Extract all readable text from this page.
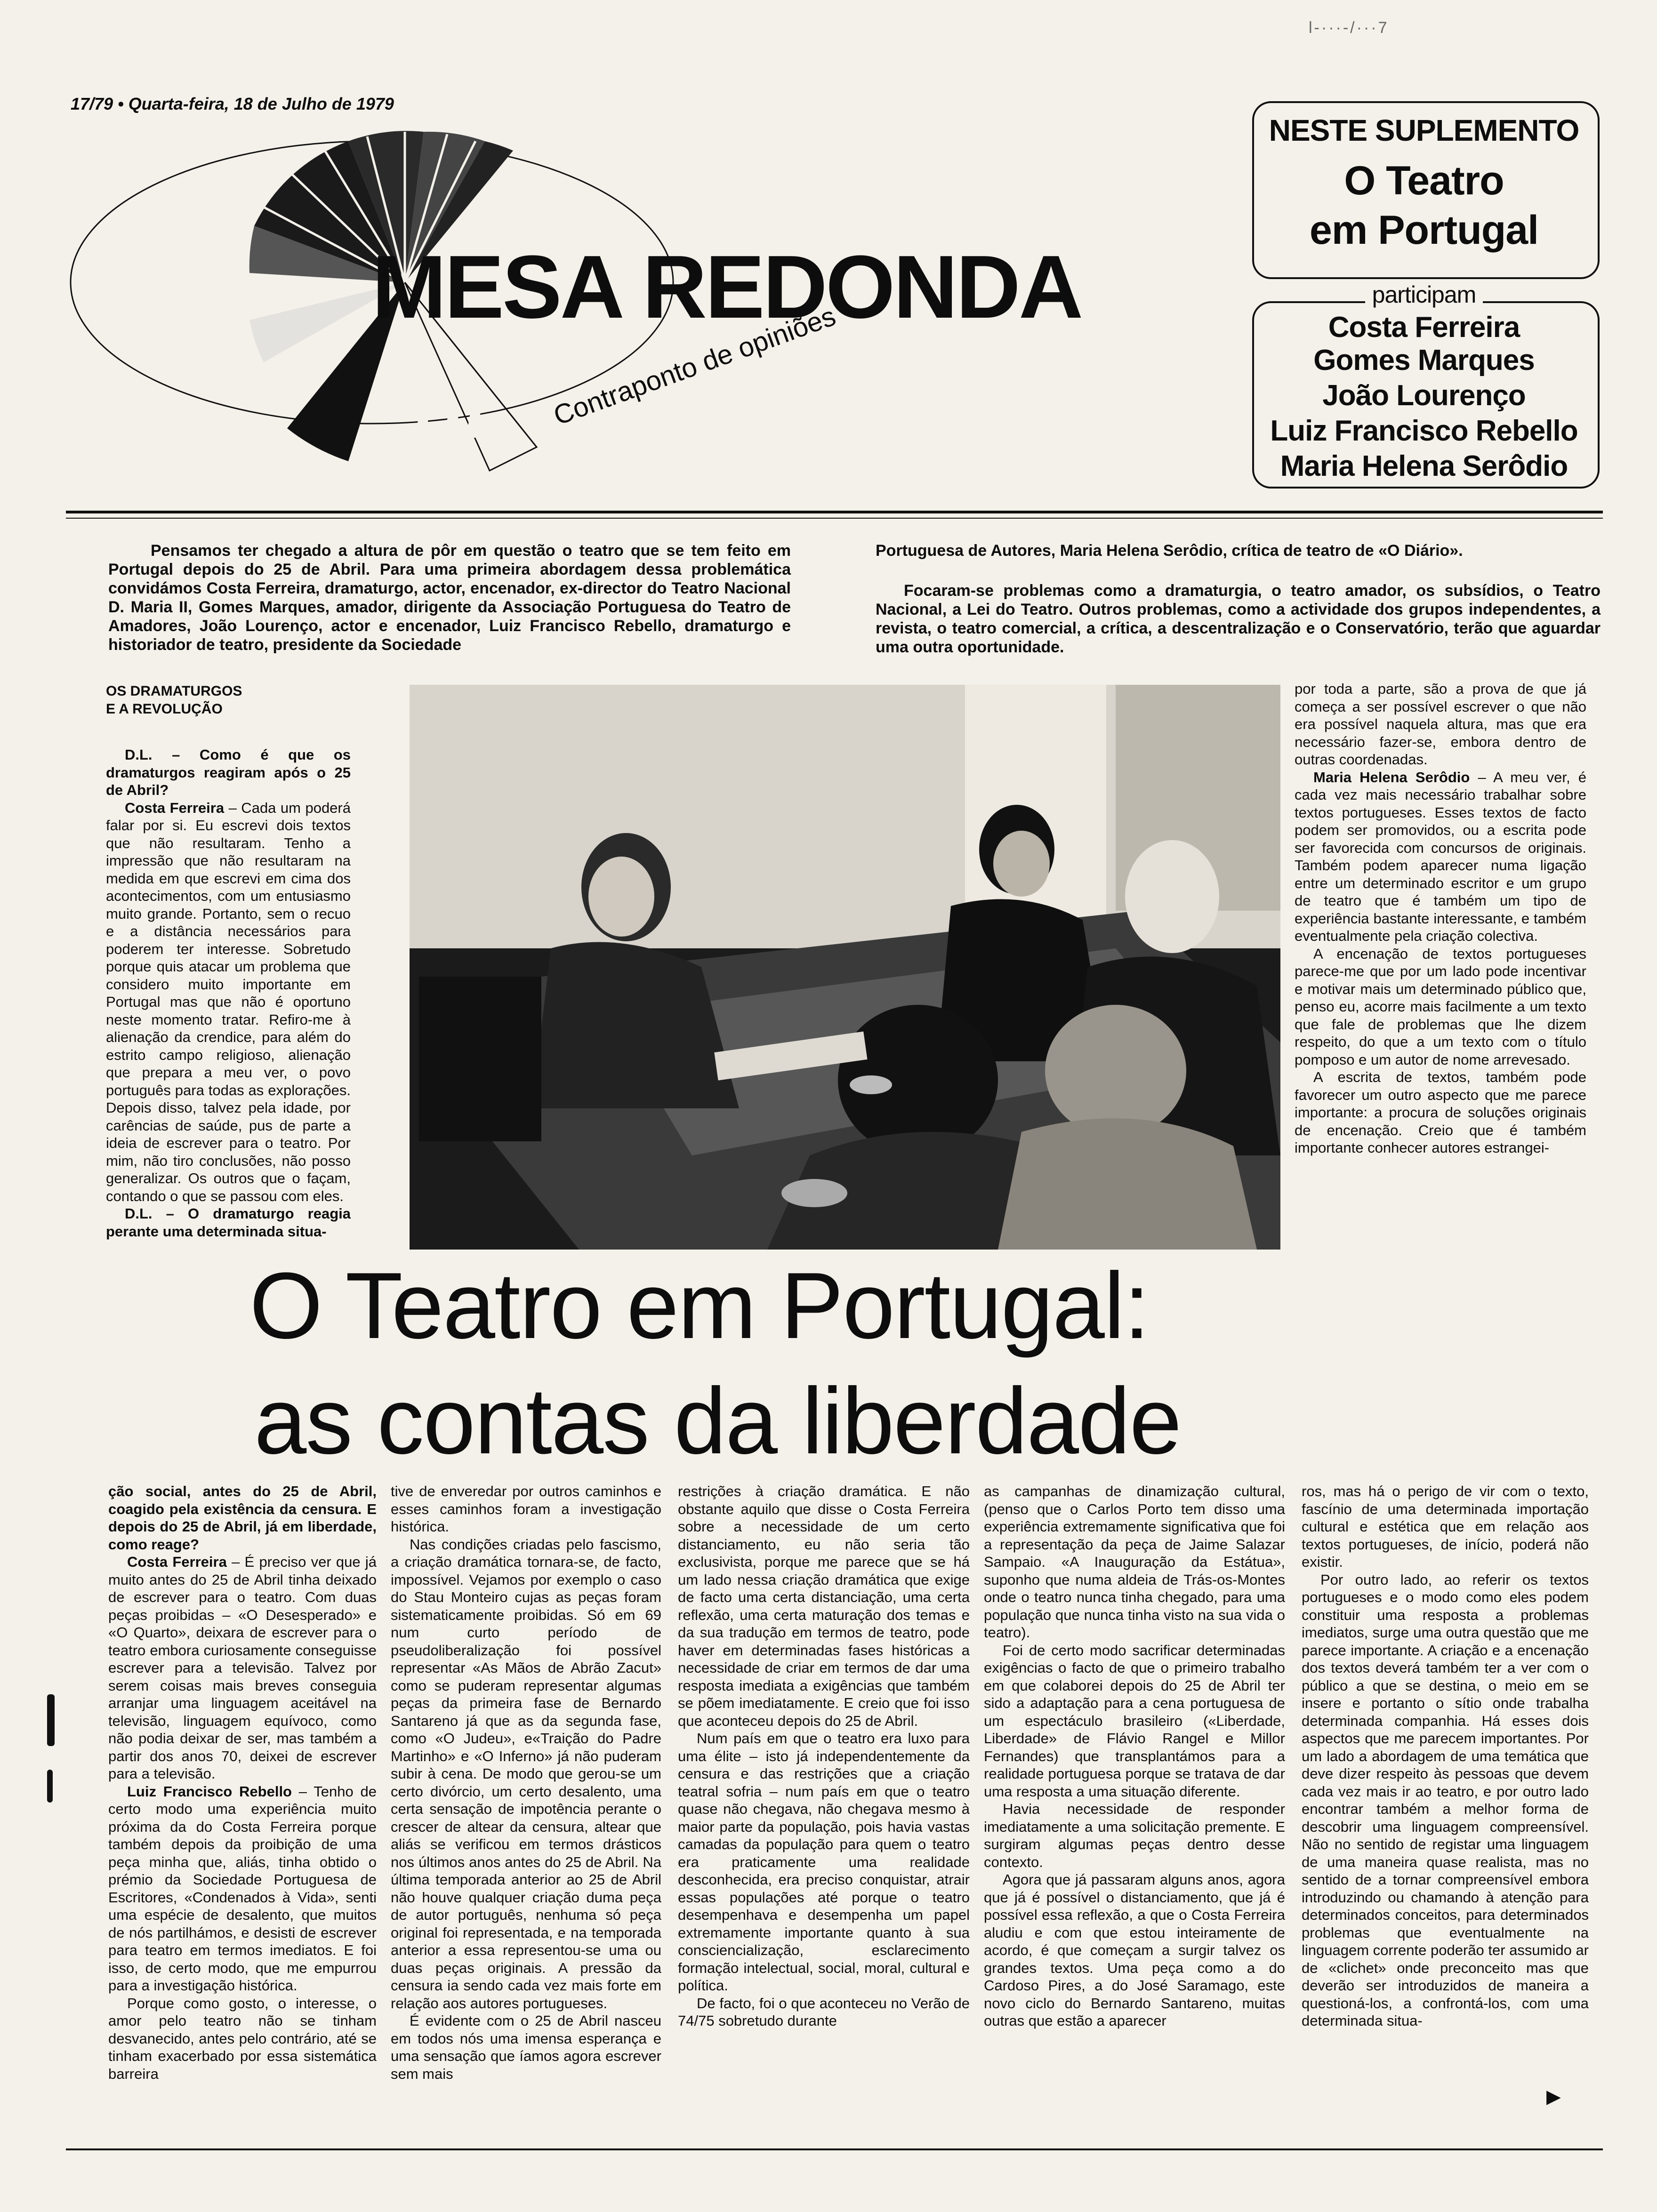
17/79 • Quarta-feira, 18 de Julho de 1979
l-···-/···7
MESA REDONDA
DL Contraponto de opiniões
NESTE SUPLEMENTO
O Teatro
em Portugal
participam
Costa Ferreira
Gomes Marques
João Lourenço
Luiz Francisco Rebello
Maria Helena Serôdio
Pensamos ter chegado a altura de pôr em questão o teatro que se tem feito em Portugal depois do 25 de Abril. Para uma primeira abordagem dessa problemática convidámos Costa Ferreira, dramaturgo, actor, encenador, ex-director do Teatro Nacional D. Maria II, Gomes Marques, amador, dirigente da Associação Portuguesa do Teatro de Amadores, João Lourenço, actor e encenador, Luiz Francisco Rebello, dramaturgo e historiador de teatro, presidente da Sociedade
Portuguesa de Autores, Maria Helena Serôdio, crítica de teatro de «O Diário».
Focaram-se problemas como a dramaturgia, o teatro amador, os subsídios, o Teatro Nacional, a Lei do Teatro. Outros problemas, como a actividade dos grupos independentes, a revista, o teatro comercial, a crítica, a descentralização e o Conservatório, terão que aguardar uma outra oportunidade.
OS DRAMATURGOS
E A REVOLUÇÃO

D.L. – Como é que os dramaturgos reagiram após o 25 de Abril?

Costa Ferreira – Cada um poderá falar por si. Eu escrevi dois textos que não resultaram. Tenho a impressão que não resultaram na medida em que escrevi em cima dos acontecimentos, com um entusiasmo muito grande. Portanto, sem o recuo e a distância necessários para poderem ter interesse. Sobretudo porque quis atacar um problema que considero muito importante em Portugal mas que não é oportuno neste momento tratar. Refiro-me à alienação da crendice, para além do estrito campo religioso, alienação que prepara a meu ver, o povo português para todas as explorações. Depois disso, talvez pela idade, por carências de saúde, pus de parte a ideia de escrever para o teatro. Por mim, não tiro conclusões, não posso generalizar. Os outros que o façam, contando o que se passou com eles.

D.L. – O dramaturgo reagia perante uma determinada situa-

por toda a parte, são a prova de que já começa a ser possível escrever o que não era possível naquela altura, mas que era necessário fazer-se, embora dentro de outras coordenadas.

Maria Helena Serôdio – A meu ver, é cada vez mais necessário trabalhar sobre textos portugueses. Esses textos de facto podem ser promovidos, ou a escrita pode ser favorecida com concursos de originais. Também podem aparecer numa ligação entre um determinado escritor e um grupo de teatro que é também um tipo de experiência bastante interessante, e também eventualmente pela criação colectiva.

A encenação de textos portugueses parece-me que por um lado pode incentivar e motivar mais um determinado público que, penso eu, acorre mais facilmente a um texto que fale de problemas que lhe dizem respeito, do que a um texto com o título pomposo e um autor de nome arrevesado.

A escrita de textos, também pode favorecer um outro aspecto que me parece importante: a procura de soluções originais de encenação. Creio que é também importante conhecer autores estrangei-

O Teatro em Portugal:
as contas da liberdade

ção social, antes do 25 de Abril, coagido pela existência da censura. E depois do 25 de Abril, já em liberdade, como reage?

Costa Ferreira – É preciso ver que já muito antes do 25 de Abril tinha deixado de escrever para o teatro. Com duas peças proibidas – «O Desesperado» e «O Quarto», deixara de escrever para o teatro embora curiosamente conseguisse escrever para a televisão. Talvez por serem coisas mais breves conseguia arranjar uma linguagem aceitável na televisão, linguagem equívoco, como não podia deixar de ser, mas também a partir dos anos 70, deixei de escrever para a televisão.

Luiz Francisco Rebello – Tenho de certo modo uma experiência muito próxima da do Costa Ferreira porque também depois da proibição de uma peça minha que, aliás, tinha obtido o prémio da Sociedade Portuguesa de Escritores, «Condenados à Vida», senti uma espécie de desalento, que muitos de nós partilhámos, e desisti de escrever para teatro em termos imediatos. E foi isso, de certo modo, que me empurrou para a investigação histórica.

Porque como gosto, o interesse, o amor pelo teatro não se tinham desvanecido, antes pelo contrário, até se tinham exacerbado por essa sistemática barreira

tive de enveredar por outros caminhos e esses caminhos foram a investigação histórica.

Nas condições criadas pelo fascismo, a criação dramática tornara-se, de facto, impossível. Vejamos por exemplo o caso do Stau Monteiro cujas as peças foram sistematicamente proibidas. Só em 69 num curto período de pseudoliberalização foi possível representar «As Mãos de Abrão Zacut» como se puderam representar algumas peças da primeira fase de Bernardo Santareno já que as da segunda fase, como «O Judeu», e«Traição do Padre Martinho» e «O Inferno» já não puderam subir à cena. De modo que gerou-se um certo divórcio, um certo desalento, uma certa sensação de impotência perante o crescer de altear da censura, altear que aliás se verificou em termos drásticos nos últimos anos antes do 25 de Abril. Na última temporada anterior ao 25 de Abril não houve qualquer criação duma peça de autor português, nenhuma só peça original foi representada, e na temporada anterior a essa representou-se uma ou duas peças originais. A pressão da censura ia sendo cada vez mais forte em relação aos autores portugueses.

É evidente com o 25 de Abril nasceu em todos nós uma imensa esperança e uma sensação que íamos agora escrever sem mais

restrições à criação dramática. E não obstante aquilo que disse o Costa Ferreira sobre a necessidade de um certo distanciamento, eu não seria tão exclusivista, porque me parece que se há um lado nessa criação dramática que exige de facto uma certa distanciação, uma certa reflexão, uma certa maturação dos temas e da sua tradução em termos de teatro, pode haver em determinadas fases históricas a necessidade de criar em termos de dar uma resposta imediata a exigências que também se põem imediatamente. E creio que foi isso que aconteceu depois do 25 de Abril.

Num país em que o teatro era luxo para uma élite – isto já independentemente da censura e das restrições que a criação teatral sofria – num país em que o teatro quase não chegava, não chegava mesmo à maior parte da população, pois havia vastas camadas da população para quem o teatro era praticamente uma realidade desconhecida, era preciso conquistar, atrair essas populações até porque o teatro desempenhava e desempenha um papel extremamente importante quanto à sua consciencialização, esclarecimento formação intelectual, social, moral, cultural e política.

De facto, foi o que aconteceu no Verão de 74/75 sobretudo durante

as campanhas de dinamização cultural, (penso que o Carlos Porto tem disso uma experiência extremamente significativa que foi a representação da peça de Jaime Salazar Sampaio. «A Inauguração da Estátua», suponho que numa aldeia de Trás-os-Montes onde o teatro nunca tinha chegado, para uma população que nunca tinha visto na sua vida o teatro).

Foi de certo modo sacrificar determinadas exigências o facto de que o primeiro trabalho em que colaborei depois do 25 de Abril ter sido a adaptação para a cena portuguesa de um espectáculo brasileiro («Liberdade, Liberdade» de Flávio Rangel e Millor Fernandes) que transplantámos para a realidade portuguesa porque se tratava de dar uma resposta a uma situação diferente.

Havia necessidade de responder imediatamente a uma solicitação premente. E surgiram algumas peças dentro desse contexto.

Agora que já passaram alguns anos, agora que já é possível o distanciamento, que já é possível essa reflexão, a que o Costa Ferreira aludiu e com que estou inteiramente de acordo, é que começam a surgir talvez os grandes textos. Uma peça como a do Cardoso Pires, a do José Saramago, este novo ciclo do Bernardo Santareno, muitas outras que estão a aparecer

ros, mas há o perigo de vir com o texto, fascínio de uma determinada importação cultural e estética que em relação aos textos portugueses, de início, poderá não existir.

Por outro lado, ao referir os textos portugueses e o modo como eles podem constituir uma resposta a problemas imediatos, surge uma outra questão que me parece importante. A criação e a encenação dos textos deverá também ter a ver com o público a que se destina, o meio em se insere e portanto o sítio onde trabalha determinada companhia. Há esses dois aspectos que me parecem importantes. Por um lado a abordagem de uma temática que deve dizer respeito às pessoas que devem cada vez mais ir ao teatro, e por outro lado encontrar também a melhor forma de descobrir uma linguagem compreensível. Não no sentido de registar uma linguagem de uma maneira quase realista, mas no sentido de a tornar compreensível embora introduzindo ou chamando à atenção para determinados conceitos, para determinados problemas que eventualmente na linguagem corrente poderão ter assumido ar de «clichet» onde preconceito mas que deverão ser introduzidos de maneira a questioná-los, a confrontá-los, com uma determinada situa-

▶
